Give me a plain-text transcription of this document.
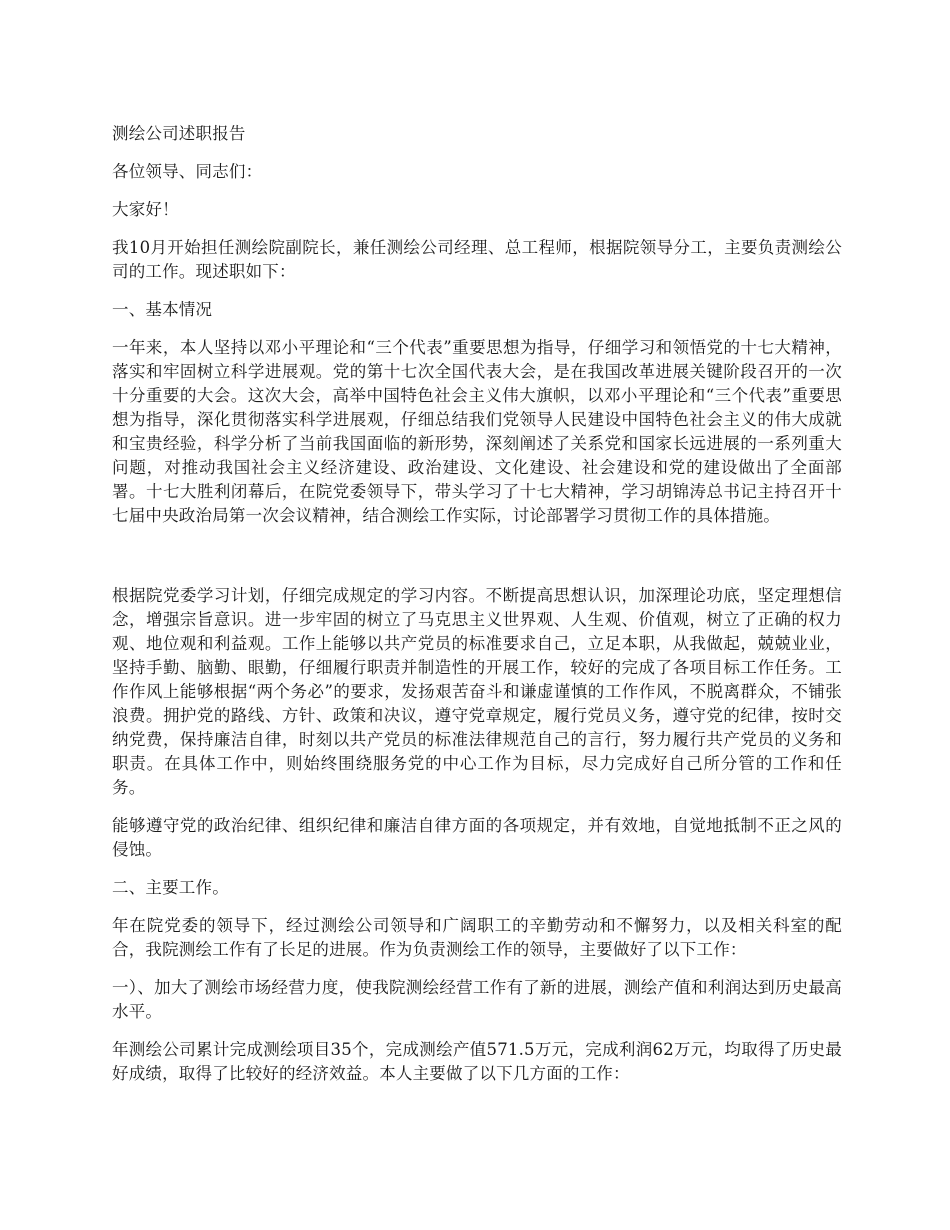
测绘公司述职报告

各位领导、同志们：

大家好！

我10月开始担任测绘院副院长，兼任测绘公司经理、总工程师，根据院领导分工，主要负责测绘公司的工作。现述职如下：

一、基本情况

一年来，本人坚持以邓小平理论和“三个代表”重要思想为指导，仔细学习和领悟党的十七大精神，落实和牢固树立科学进展观。党的第十七次全国代表大会，是在我国改革进展关键阶段召开的一次十分重要的大会。这次大会，高举中国特色社会主义伟大旗帜，以邓小平理论和“三个代表”重要思想为指导，深化贯彻落实科学进展观，仔细总结我们党领导人民建设中国特色社会主义的伟大成就和宝贵经验，科学分析了当前我国面临的新形势，深刻阐述了关系党和国家长远进展的一系列重大问题，对推动我国社会主义经济建设、政治建设、文化建设、社会建设和党的建设做出了全面部署。十七大胜利闭幕后，在院党委领导下，带头学习了十七大精神，学习胡锦涛总书记主持召开十七届中央政治局第一次会议精神，结合测绘工作实际，讨论部署学习贯彻工作的具体措施。

根据院党委学习计划，仔细完成规定的学习内容。不断提高思想认识，加深理论功底，坚定理想信念，增强宗旨意识。进一步牢固的树立了马克思主义世界观、人生观、价值观，树立了正确的权力观、地位观和利益观。工作上能够以共产党员的标准要求自己，立足本职，从我做起，兢兢业业，坚持手勤、脑勤、眼勤，仔细履行职责并制造性的开展工作，较好的完成了各项目标工作任务。工作作风上能够根据“两个务必”的要求，发扬艰苦奋斗和谦虚谨慎的工作作风，不脱离群众，不铺张浪费。拥护党的路线、方针、政策和决议，遵守党章规定，履行党员义务，遵守党的纪律，按时交纳党费，保持廉洁自律，时刻以共产党员的标准法律规范自己的言行，努力履行共产党员的义务和职责。在具体工作中，则始终围绕服务党的中心工作为目标，尽力完成好自己所分管的工作和任务。

能够遵守党的政治纪律、组织纪律和廉洁自律方面的各项规定，并有效地，自觉地抵制不正之风的侵蚀。

二、主要工作。

年在院党委的领导下，经过测绘公司领导和广阔职工的辛勤劳动和不懈努力，以及相关科室的配合，我院测绘工作有了长足的进展。作为负责测绘工作的领导，主要做好了以下工作：

一）、加大了测绘市场经营力度，使我院测绘经营工作有了新的进展，测绘产值和利润达到历史最高水平。

年测绘公司累计完成测绘项目35个，完成测绘产值571.5万元，完成利润62万元，均取得了历史最好成绩，取得了比较好的经济效益。本人主要做了以下几方面的工作：
